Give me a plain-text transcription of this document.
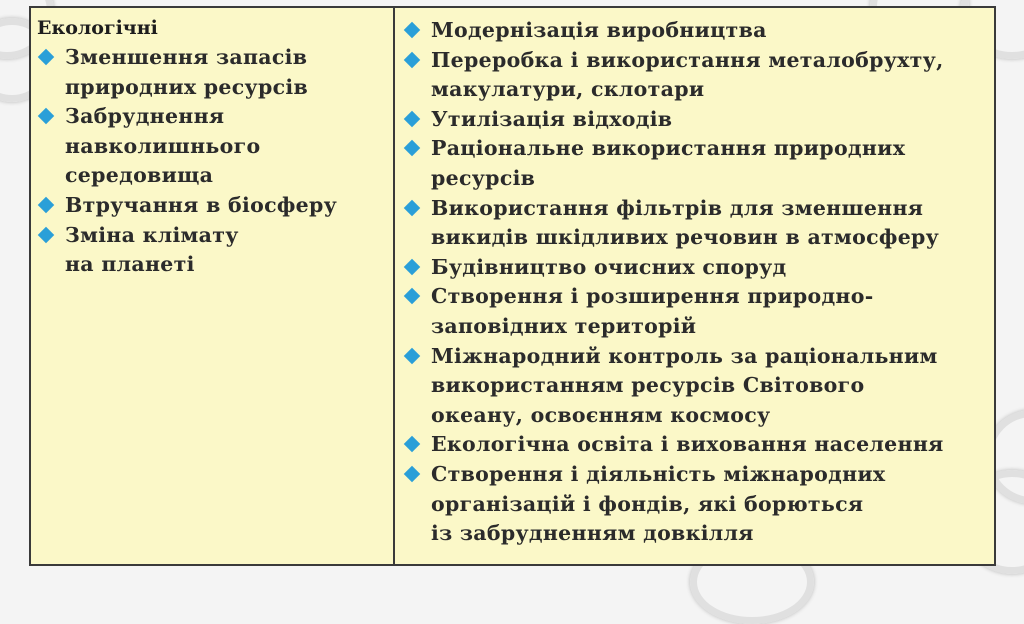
Екологічні
Зменшення запасів
природних ресурсів
Забруднення
навколишнього
середовища
Втручання в біосферу
Зміна клімату
на планеті
Модернізація виробництва
Переробка і використання металобрухту,
макулатури, склотари
Утилізація відходів
Раціональне використання природних
ресурсів
Використання фільтрів для зменшення
викидів шкідливих речовин в атмосферу
Будівництво очисних споруд
Створення і розширення природно-
заповідних територій
Міжнародний контроль за раціональним
використанням ресурсів Світового
океану, освоєнням космосу
Екологічна освіта і виховання населення
Створення і діяльність міжнародних
організацій і фондів, які борються
із забрудненням довкілля
